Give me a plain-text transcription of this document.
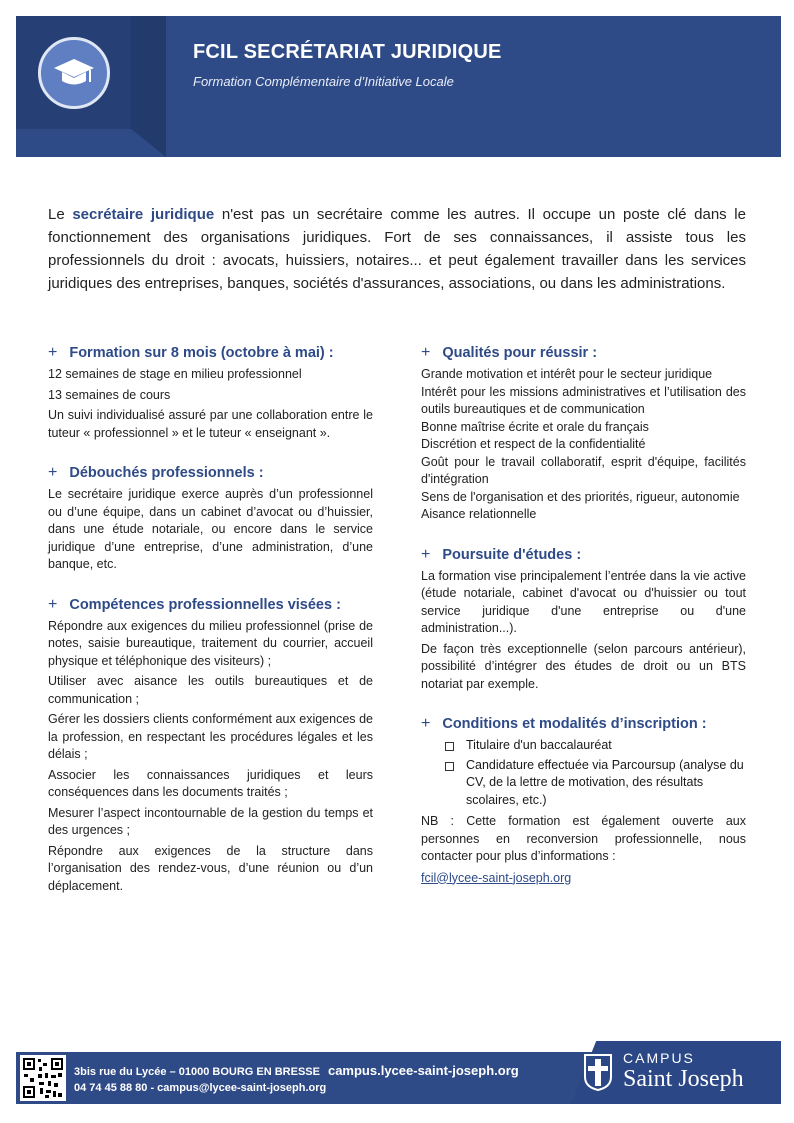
FCIL SECRÉTARIAT JURIDIQUE
Formation Complémentaire d’Initiative Locale
Le secrétaire juridique n'est pas un secrétaire comme les autres. Il occupe un poste clé dans le fonctionnement des organisations juridiques. Fort de ses connaissances, il assiste tous les professionnels du droit : avocats, huissiers, notaires... et peut également travailler dans les services juridiques des entreprises, banques, sociétés d'assurances, associations, ou dans les administrations.
+ Formation sur 8 mois (octobre à mai) :

12 semaines de stage en milieu professionnel

13 semaines de cours

Un suivi individualisé assuré par une collaboration entre le tuteur « professionnel » et le tuteur « enseignant ».

+ Débouchés professionnels :

Le secrétaire juridique exerce auprès d’un professionnel ou d’une équipe, dans un cabinet d’avocat ou d’huissier, dans une étude notariale, ou encore dans le service juridique d’une entreprise, d’une administration, d’une banque, etc.

+ Compétences professionnelles visées :

Répondre aux exigences du milieu professionnel (prise de notes, saisie bureautique, traitement du courrier, accueil physique et téléphonique des visiteurs) ;

Utiliser avec aisance les outils bureautiques et de communication ;

Gérer les dossiers clients conformément aux exigences de la profession, en respectant les procédures légales et les délais ;

Associer les connaissances juridiques et leurs conséquences dans les documents traités ;

Mesurer l’aspect incontournable de la gestion du temps et des urgences ;

Répondre aux exigences de la structure dans l’organisation des rendez-vous, d’une réunion ou d’un déplacement.

+ Qualités pour réussir :

Grande motivation et intérêt pour le secteur juridique

Intérêt pour les missions administratives et l’utilisation des outils bureautiques et de communication

Bonne maîtrise écrite et orale du français

Discrétion et respect de la confidentialité

Goût pour le travail collaboratif, esprit d'équipe, facilités d'intégration

Sens de l'organisation et des priorités, rigueur, autonomie

Aisance relationnelle

+ Poursuite d'études :

La formation vise principalement l’entrée dans la vie active (étude notariale, cabinet d'avocat ou d'huissier ou tout service juridique d'une entreprise ou d'une administration...).

De façon très exceptionnelle (selon parcours antérieur), possibilité d’intégrer des études de droit ou un BTS notariat par exemple.

+ Conditions et modalités d’inscription :
Titulaire d'un baccalauréat
Candidature effectuée via Parcoursup (analyse du CV, de la lettre de motivation, des résultats scolaires, etc.)

NB : Cette formation est également ouverte aux personnes en reconversion professionnelle, nous contacter pour plus d’informations :

fcil@lycee-saint-joseph.org
3bis rue du Lycée – 01000 BOURG EN BRESSE campus.lycee-saint-joseph.org
04 74 45 88 80 - campus@lycee-saint-joseph.org
CAMPUS
Saint Joseph
